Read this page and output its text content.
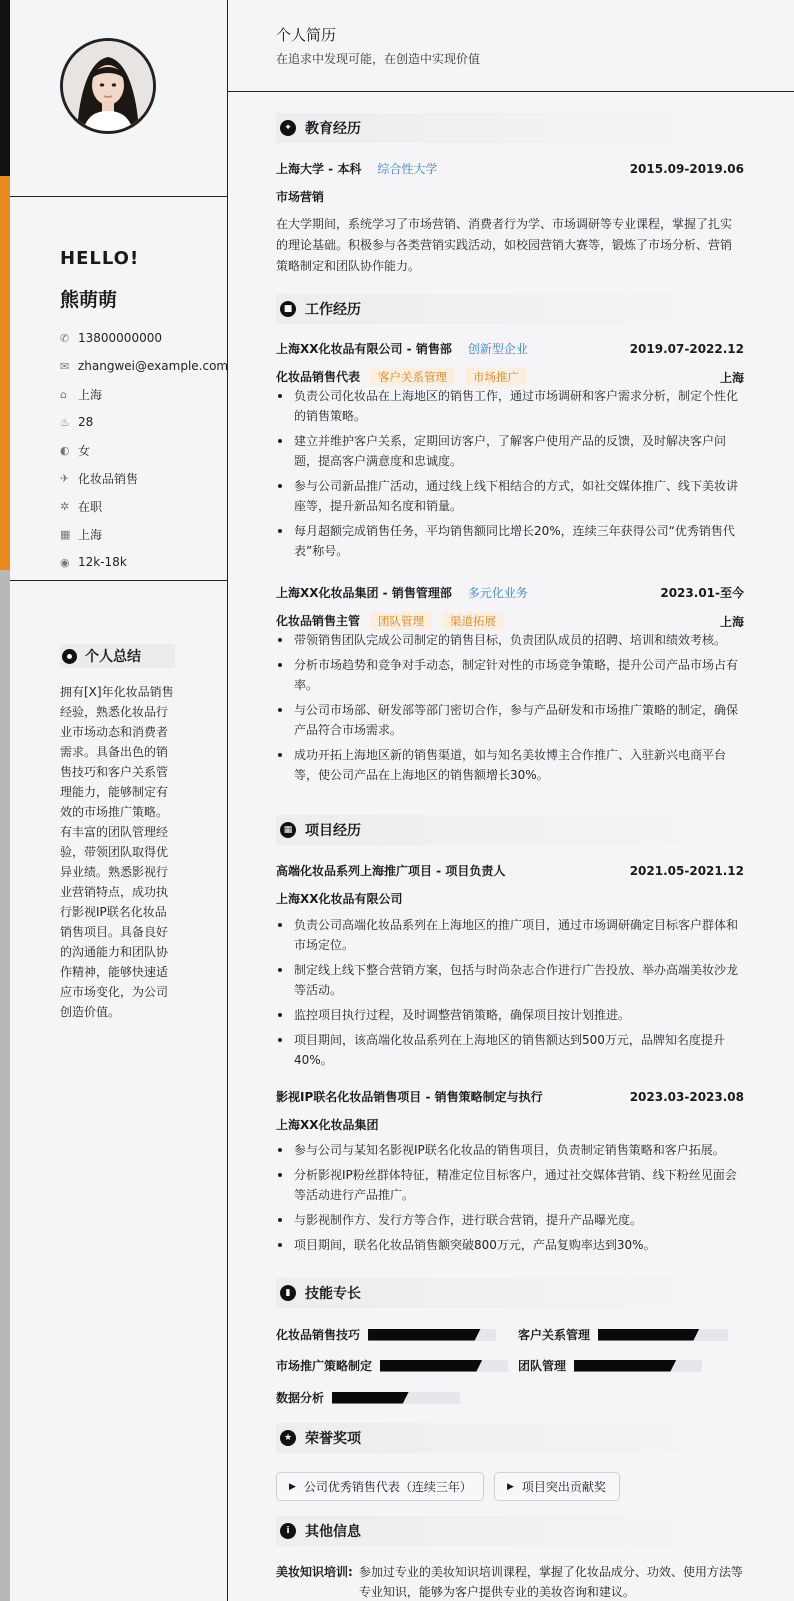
HELLO!
熊萌萌
✆ 13800000000
✉ zhangwei@example.com
⌂ 上海
♨ 28
◐ 女
✈ 化妆品销售
✲ 在职
▦ 上海
◉ 12k-18k
个人总结
拥有[X]年化妆品销售经验，熟悉化妆品行业市场动态和消费者需求。具备出色的销售技巧和客户关系管理能力，能够制定有效的市场推广策略。有丰富的团队管理经验，带领团队取得优异业绩。熟悉影视行业营销特点，成功执行影视IP联名化妆品销售项目。具备良好的沟通能力和团队协作精神，能够快速适应市场变化，为公司创造价值。
个人简历
在追求中发现可能，在创造中实现价值
✦ 教育经历
上海大学 - 本科 综合性大学	2015.09-2019.06
市场营销
在大学期间，系统学习了市场营销、消费者行为学、市场调研等专业课程，掌握了扎实的理论基础。积极参与各类营销实践活动，如校园营销大赛等，锻炼了市场分析、营销策略制定和团队协作能力。
■ 工作经历
上海XX化妆品有限公司 - 销售部 创新型企业	2019.07-2022.12
化妆品销售代表 客户关系管理 市场推广	上海
负责公司化妆品在上海地区的销售工作，通过市场调研和客户需求分析，制定个性化的销售策略。
建立并维护客户关系，定期回访客户，了解客户使用产品的反馈，及时解决客户问题，提高客户满意度和忠诚度。
参与公司新品推广活动，通过线上线下相结合的方式，如社交媒体推广、线下美妆讲座等，提升新品知名度和销量。
每月超额完成销售任务，平均销售额同比增长20%，连续三年获得公司“优秀销售代表”称号。
上海XX化妆品集团 - 销售管理部 多元化业务	2023.01-至今
化妆品销售主管 团队管理 渠道拓展	上海
带领销售团队完成公司制定的销售目标，负责团队成员的招聘、培训和绩效考核。
分析市场趋势和竞争对手动态，制定针对性的市场竞争策略，提升公司产品市场占有率。
与公司市场部、研发部等部门密切合作，参与产品研发和市场推广策略的制定，确保产品符合市场需求。
成功开拓上海地区新的销售渠道，如与知名美妆博主合作推广、入驻新兴电商平台等，使公司产品在上海地区的销售额增长30%。
▦ 项目经历
高端化妆品系列上海推广项目 - 项目负责人	2021.05-2021.12
上海XX化妆品有限公司
负责公司高端化妆品系列在上海地区的推广项目，通过市场调研确定目标客户群体和市场定位。
制定线上线下整合营销方案，包括与时尚杂志合作进行广告投放、举办高端美妆沙龙等活动。
监控项目执行过程，及时调整营销策略，确保项目按计划推进。
项目期间，该高端化妆品系列在上海地区的销售额达到500万元，品牌知名度提升40%。
影视IP联名化妆品销售项目 - 销售策略制定与执行	2023.03-2023.08
上海XX化妆品集团
参与公司与某知名影视IP联名化妆品的销售项目，负责制定销售策略和客户拓展。
分析影视IP粉丝群体特征，精准定位目标客户，通过社交媒体营销、线下粉丝见面会等活动进行产品推广。
与影视制作方、发行方等合作，进行联合营销，提升产品曝光度。
项目期间，联名化妆品销售额突破800万元，产品复购率达到30%。
▮	技能专长
化妆品销售技巧	客户关系管理
市场推广策略制定	团队管理
数据分析
★ 荣誉奖项
▶ 公司优秀销售代表（连续三年）	▶ 项目突出贡献奖
i	其他信息
美妆知识培训: 参加过专业的美妆知识培训课程，掌握了化妆品成分、功效、使用方法等专业知识，能够为客户提供专业的美妆咨询和建议。
